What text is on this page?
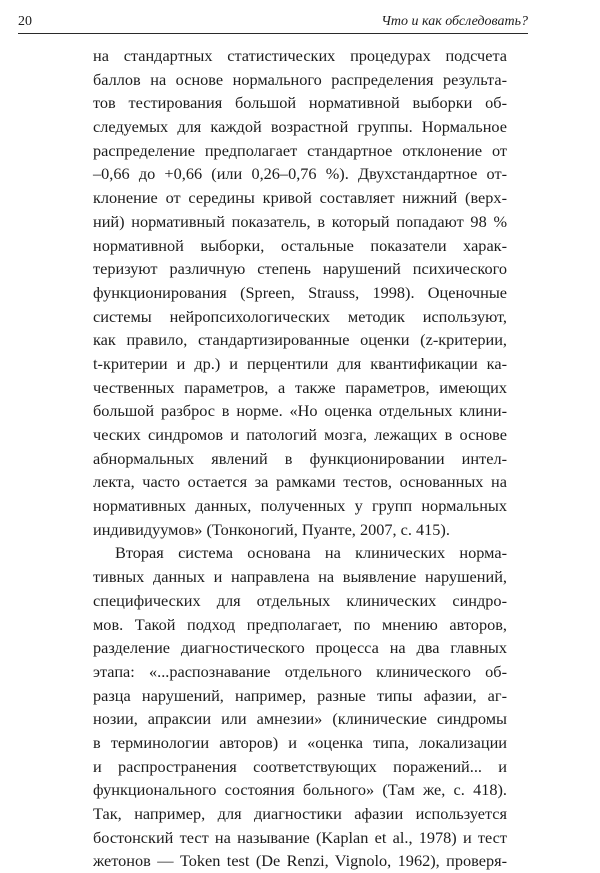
20	Что и как обследовать?
на стандартных статистических процедурах подсчета
баллов на основе нормального распределения результа-
тов тестирования большой нормативной выборки об-
следуемых для каждой возрастной группы. Нормальное
распределение предполагает стандартное отклонение от
–0,66 до +0,66 (или 0,26–0,76 %). Двухстандартное от-
клонение от середины кривой составляет нижний (верх-
ний) нормативный показатель, в который попадают 98 %
нормативной выборки, остальные показатели харак-
теризуют различную степень нарушений психического
функционирования (Spreen, Strauss, 1998). Оценочные
системы нейропсихологических методик используют,
как правило, стандартизированные оценки (z-критерии,
t-критерии и др.) и перцентили для квантификации ка-
чественных параметров, а также параметров, имеющих
большой разброс в норме. «Но оценка отдельных клини-
ческих синдромов и патологий мозга, лежащих в основе
абнормальных явлений в функционировании интел-
лекта, часто остается за рамками тестов, основанных на
нормативных данных, полученных у групп нормальных
индивидуумов» (Тонконогий, Пуанте, 2007, с. 415).
Вторая система основана на клинических норма-
тивных данных и направлена на выявление нарушений,
специфических для отдельных клинических синдро-
мов. Такой подход предполагает, по мнению авторов,
разделение диагностического процесса на два главных
этапа: «...распознавание отдельного клинического об-
разца нарушений, например, разные типы афазии, аг-
нозии, апраксии или амнезии» (клинические синдромы
в терминологии авторов) и «оценка типа, локализации
и распространения соответствующих поражений... и
функционального состояния больного» (Там же, с. 418).
Так, например, для диагностики афазии используется
бостонский тест на называние (Kaplan et al., 1978) и тест
жетонов — Token test (De Renzi, Vignolo, 1962), проверя-
